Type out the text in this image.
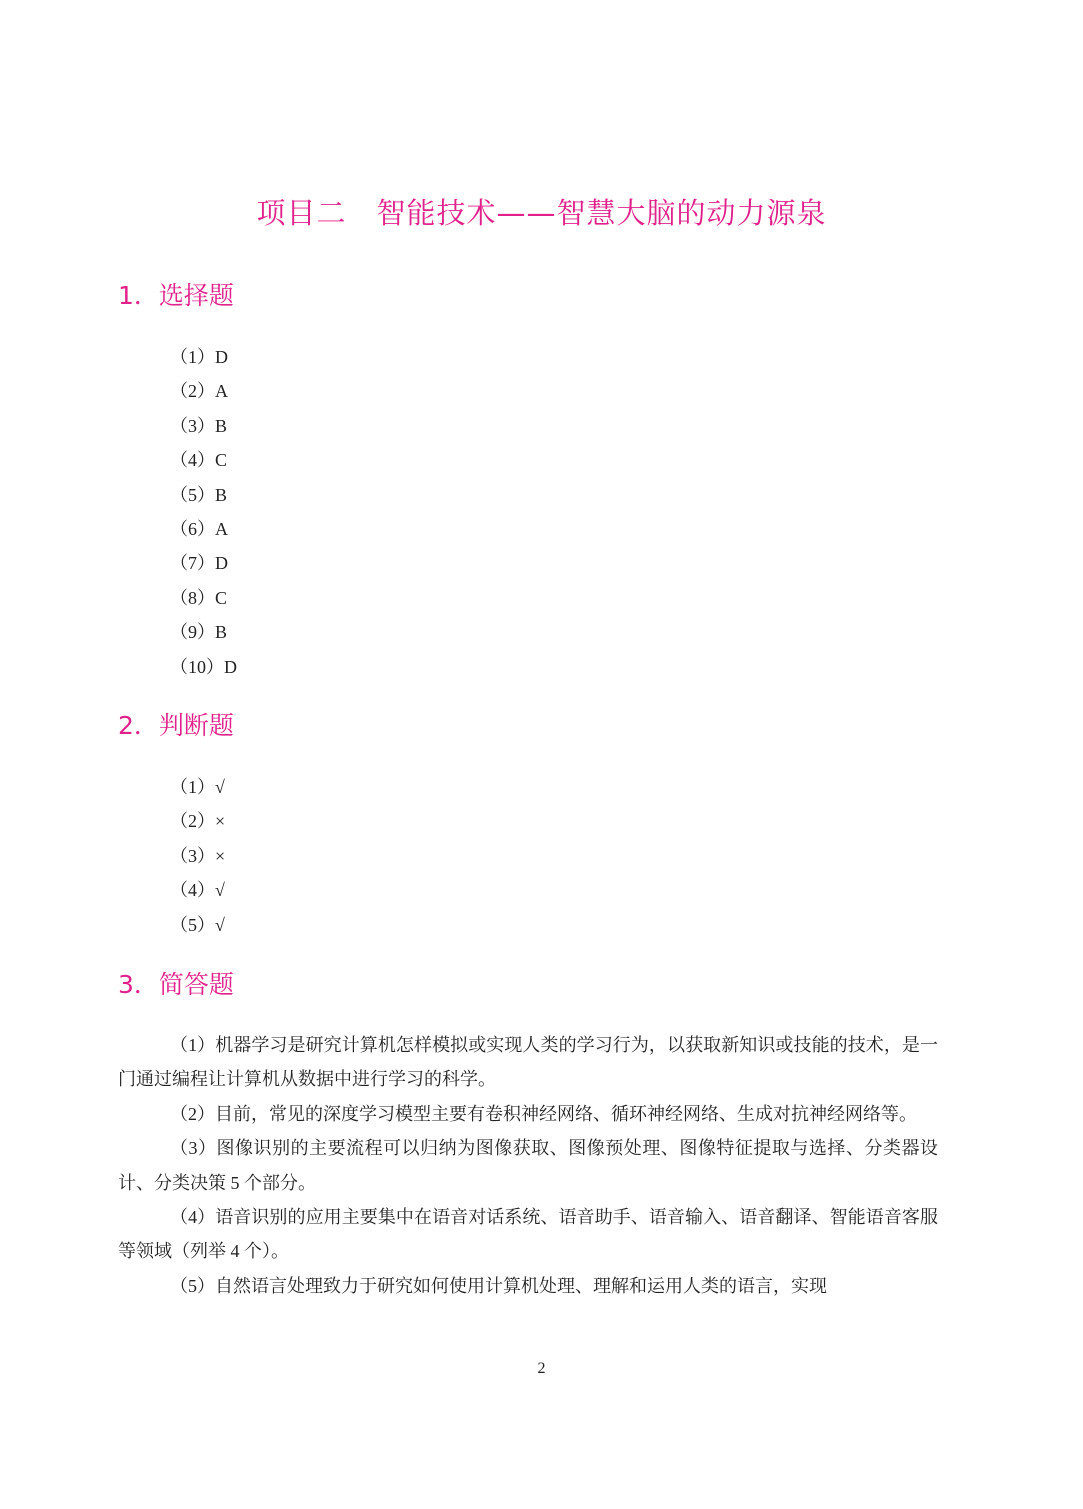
项目二　智能技术——智慧大脑的动力源泉
1．选择题
（1）D
（2）A
（3）B
（4）C
（5）B
（6）A
（7）D
（8）C
（9）B
（10）D
2．判断题
（1）√
（2）×
（3）×
（4）√
（5）√
3．简答题

（1）机器学习是研究计算机怎样模拟或实现人类的学习行为，以获取新知识或技能的技术，是一门通过编程让计算机从数据中进行学习的科学。

（2）目前，常见的深度学习模型主要有卷积神经网络、循环神经网络、生成对抗神经网络等。

（3）图像识别的主要流程可以归纳为图像获取、图像预处理、图像特征提取与选择、分类器设计、分类决策 5 个部分。

（4）语音识别的应用主要集中在语音对话系统、语音助手、语音输入、语音翻译、智能语音客服等领域（列举 4 个）。

（5）自然语言处理致力于研究如何使用计算机处理、理解和运用人类的语言，实现

2
